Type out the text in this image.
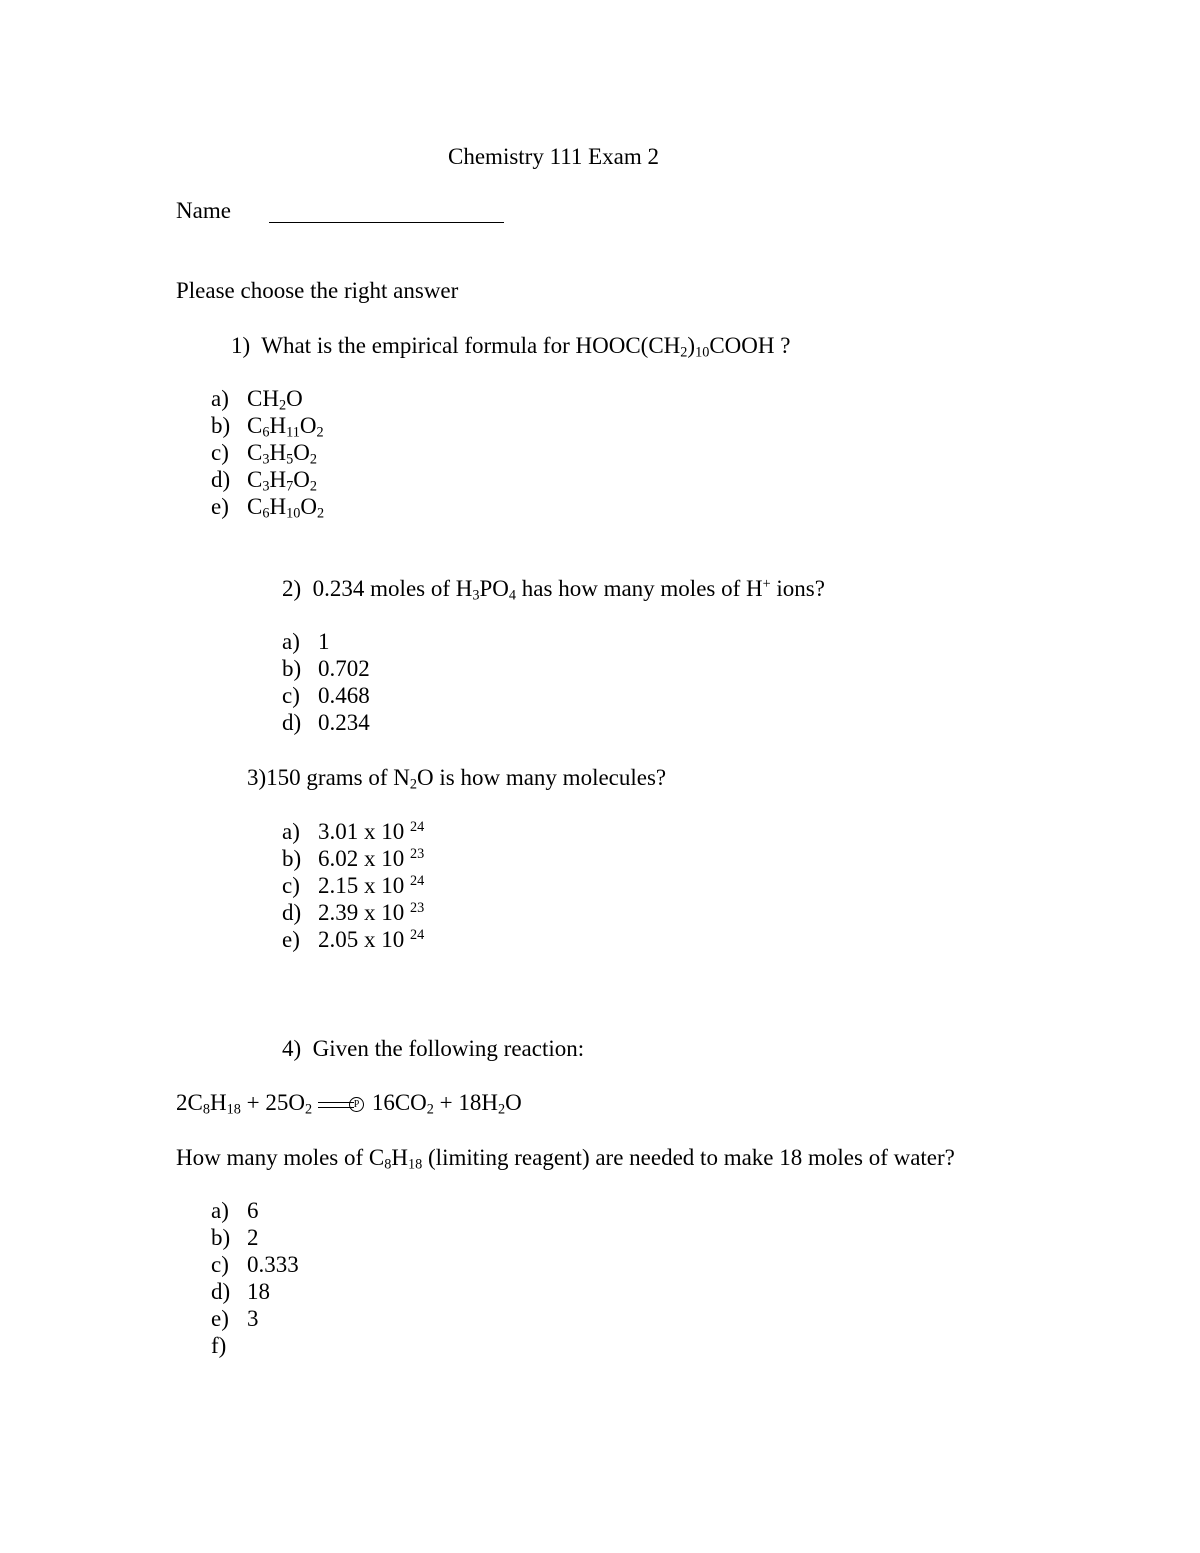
Chemistry 111 Exam 2
Name
Please choose the right answer
1) What is the empirical formula for $HOOC(CH_2)_{10}COOH$ ?
a) $CH_2O$
b) $C_6H_{11}O_2$
c) $C_3H_5O_2$
d) $C_3H_7O_2$
e) $C_6H_{10}O_2$
2) 0.234 moles of $H_3PO_4$ has how many moles of H+ ions?
a) 1
b) 0.702
c) 0.468
d) 0.234
3)150 grams of $N_2O$ is how many molecules?
a) 3.01 x 10 $^{24}$
b) 6.02 x 10 $^{23}$
c) 2.15 x 10 $^{24}$
d) 2.39 x 10 $^{23}$
e) 2.05 x 10 $^{24}$
4) Given the following reaction:
$2C_8H_{18} + 25O_2$	P $16CO_2 + 18H_2O$
How many moles of $C_8H_{18}$ (limiting reagent) are needed to make 18 moles of water?
a) 6
b) 2
c) 0.333
d) 18
e) 3
f)
